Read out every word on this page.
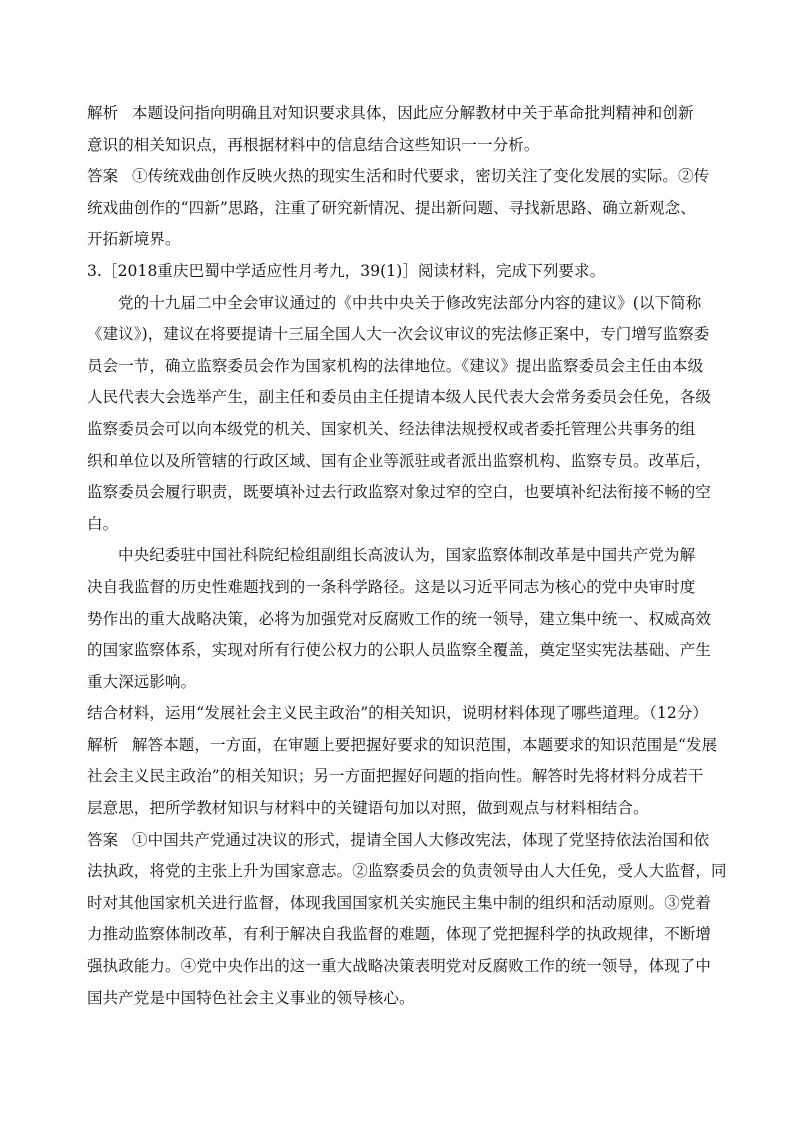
解析 本题设问指向明确且对知识要求具体，因此应分解教材中关于革命批判精神和创新
意识的相关知识点，再根据材料中的信息结合这些知识一一分析。
答案 ①传统戏曲创作反映火热的现实生活和时代要求，密切关注了变化发展的实际。②传
统戏曲创作的“四新”思路，注重了研究新情况、提出新问题、寻找新思路、确立新观念、
开拓新境界。
3.［2018重庆巴蜀中学适应性月考九，39(1)］阅读材料，完成下列要求。
党的十九届二中全会审议通过的《中共中央关于修改宪法部分内容的建议》(以下简称
《建议》)，建议在将要提请十三届全国人大一次会议审议的宪法修正案中，专门增写监察委
员会一节，确立监察委员会作为国家机构的法律地位。《建议》提出监察委员会主任由本级
人民代表大会选举产生，副主任和委员由主任提请本级人民代表大会常务委员会任免，各级
监察委员会可以向本级党的机关、国家机关、经法律法规授权或者委托管理公共事务的组
织和单位以及所管辖的行政区域、国有企业等派驻或者派出监察机构、监察专员。改革后，
监察委员会履行职责，既要填补过去行政监察对象过窄的空白，也要填补纪法衔接不畅的空
白。
中央纪委驻中国社科院纪检组副组长高波认为，国家监察体制改革是中国共产党为解
决自我监督的历史性难题找到的一条科学路径。这是以习近平同志为核心的党中央审时度
势作出的重大战略决策，必将为加强党对反腐败工作的统一领导，建立集中统一、权威高效
的国家监察体系，实现对所有行使公权力的公职人员监察全覆盖，奠定坚实宪法基础、产生
重大深远影响。
结合材料，运用“发展社会主义民主政治”的相关知识，说明材料体现了哪些道理。（12分）
解析 解答本题，一方面，在审题上要把握好要求的知识范围，本题要求的知识范围是“发展
社会主义民主政治”的相关知识；另一方面把握好问题的指向性。解答时先将材料分成若干
层意思，把所学教材知识与材料中的关键语句加以对照，做到观点与材料相结合。
答案 ①中国共产党通过决议的形式，提请全国人大修改宪法，体现了党坚持依法治国和依
法执政，将党的主张上升为国家意志。②监察委员会的负责领导由人大任免，受人大监督，同
时对其他国家机关进行监督，体现我国国家机关实施民主集中制的组织和活动原则。③党着
力推动监察体制改革，有利于解决自我监督的难题，体现了党把握科学的执政规律，不断增
强执政能力。④党中央作出的这一重大战略决策表明党对反腐败工作的统一领导，体现了中
国共产党是中国特色社会主义事业的领导核心。
